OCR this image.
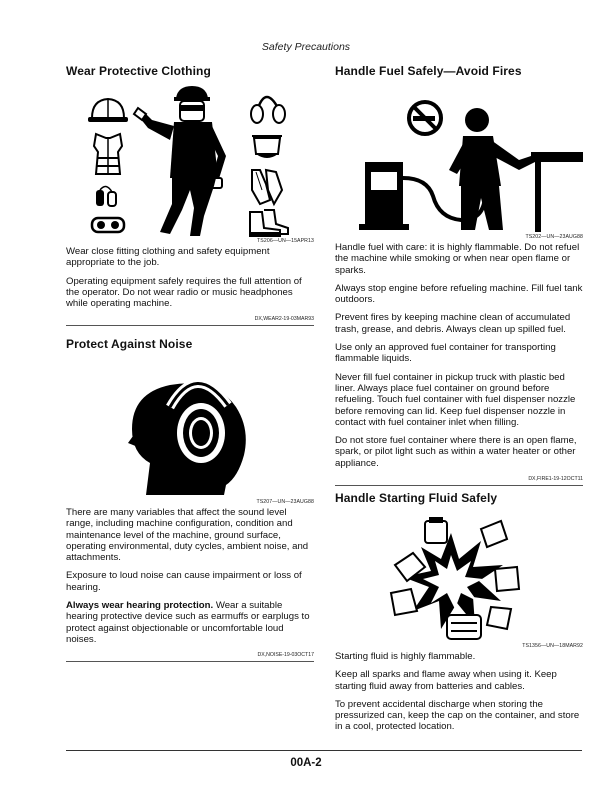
Safety Precautions
Wear Protective Clothing
TS206—UN—15APR13

Wear close fitting clothing and safety equipment appropriate to the job.

Operating equipment safely requires the full attention of the operator. Do not wear radio or music headphones while operating machine.

DX,WEAR2-19-03MAR93
Protect Against Noise
TS207—UN—23AUG88

There are many variables that affect the sound level range, including machine configuration, condition and maintenance level of the machine, ground surface, operating environmental, duty cycles, ambient noise, and attachments.

Exposure to loud noise can cause impairment or loss of hearing.

Always wear hearing protection. Wear a suitable hearing protective device such as earmuffs or earplugs to protect against objectionable or uncomfortable loud noises.

DX,NOISE-19-03OCT17
Handle Fuel Safely—Avoid Fires
TS202—UN—23AUG88

Handle fuel with care: it is highly flammable. Do not refuel the machine while smoking or when near open flame or sparks.

Always stop engine before refueling machine. Fill fuel tank outdoors.

Prevent fires by keeping machine clean of accumulated trash, grease, and debris. Always clean up spilled fuel.

Use only an approved fuel container for transporting flammable liquids.

Never fill fuel container in pickup truck with plastic bed liner. Always place fuel container on ground before refueling. Touch fuel container with fuel dispenser nozzle before removing can lid. Keep fuel dispenser nozzle in contact with fuel container inlet when filling.

Do not store fuel container where there is an open flame, spark, or pilot light such as within a water heater or other appliance.

DX,FIRE1-19-12OCT11
Handle Starting Fluid Safely
TS1356—UN—18MAR92

Starting fluid is highly flammable.

Keep all sparks and flame away when using it. Keep starting fluid away from batteries and cables.

To prevent accidental discharge when storing the pressurized can, keep the cap on the container, and store in a cool, protected location.

00A-2
